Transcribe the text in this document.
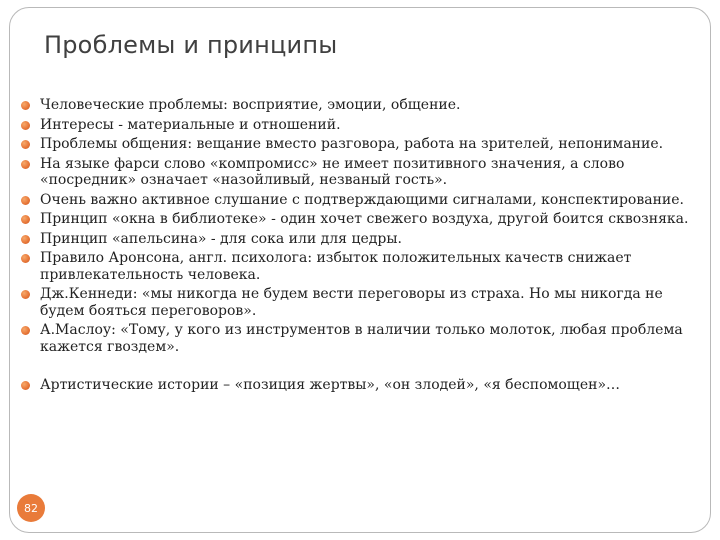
Проблемы и принципы
Человеческие проблемы: восприятие, эмоции, общение.
Интересы - материальные и отношений.
Проблемы общения: вещание вместо разговора, работа на зрителей, непонимание.
На языке фарси слово «компромисс» не имеет позитивного значения, а слово «посредник» означает «назойливый, незваный гость».
Очень важно активное слушание с подтверждающими сигналами, конспектирование.
Принцип «окна в библиотеке» - один хочет свежего воздуха, другой боится сквозняка.
Принцип «апельсина» - для сока или для цедры.
Правило Аронсона, англ. психолога: избыток положительных качеств снижает привлекательность человека.
Дж.Кеннеди: «мы никогда не будем вести переговоры из страха. Но мы никогда не будем бояться переговоров».
А.Маслоу: «Тому, у кого из инструментов в наличии только молоток, любая проблема кажется гвоздем».
Артистические истории – «позиция жертвы», «он злодей», «я беспомощен»…
82
